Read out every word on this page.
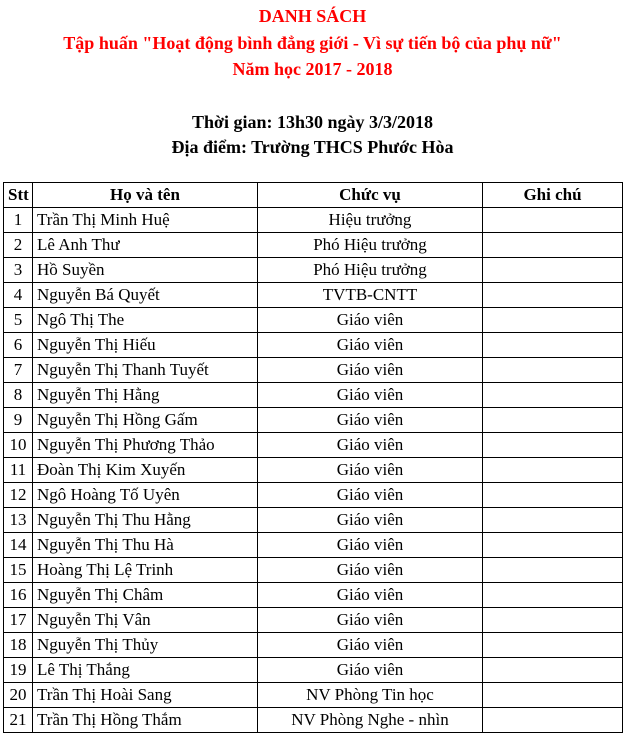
DANH SÁCH
Tập huấn "Hoạt động bình đẳng giới - Vì sự tiến bộ của phụ nữ"
Năm học 2017 - 2018
Thời gian: 13h30 ngày 3/3/2018
Địa điểm: Trường THCS Phước Hòa
Stt	Họ và tên	Chức vụ	Ghi chú
1	Trần Thị Minh Huệ	Hiệu trưởng	
2	Lê Anh Thư	Phó Hiệu trưởng	
3	Hồ Suyền	Phó Hiệu trưởng	
4	Nguyễn Bá Quyết	TVTB-CNTT	
5	Ngô Thị The	Giáo viên	
6	Nguyễn Thị Hiếu	Giáo viên	
7	Nguyễn Thị Thanh Tuyết	Giáo viên	
8	Nguyễn Thị Hằng	Giáo viên	
9	Nguyễn Thị Hồng Gấm	Giáo viên	
10	Nguyễn Thị Phương Thảo	Giáo viên	
11	Đoàn Thị Kim Xuyến	Giáo viên	
12	Ngô Hoàng Tố Uyên	Giáo viên	
13	Nguyễn Thị Thu Hằng	Giáo viên	
14	Nguyễn Thị Thu Hà	Giáo viên	
15	Hoàng Thị Lệ Trinh	Giáo viên	
16	Nguyễn Thị Châm	Giáo viên	
17	Nguyễn Thị Vân	Giáo viên	
18	Nguyễn Thị Thủy	Giáo viên	
19	Lê Thị Thắng	Giáo viên	
20	Trần Thị Hoài Sang	NV Phòng Tin học	
21	Trần Thị Hồng Thắm	NV Phòng Nghe - nhìn	
